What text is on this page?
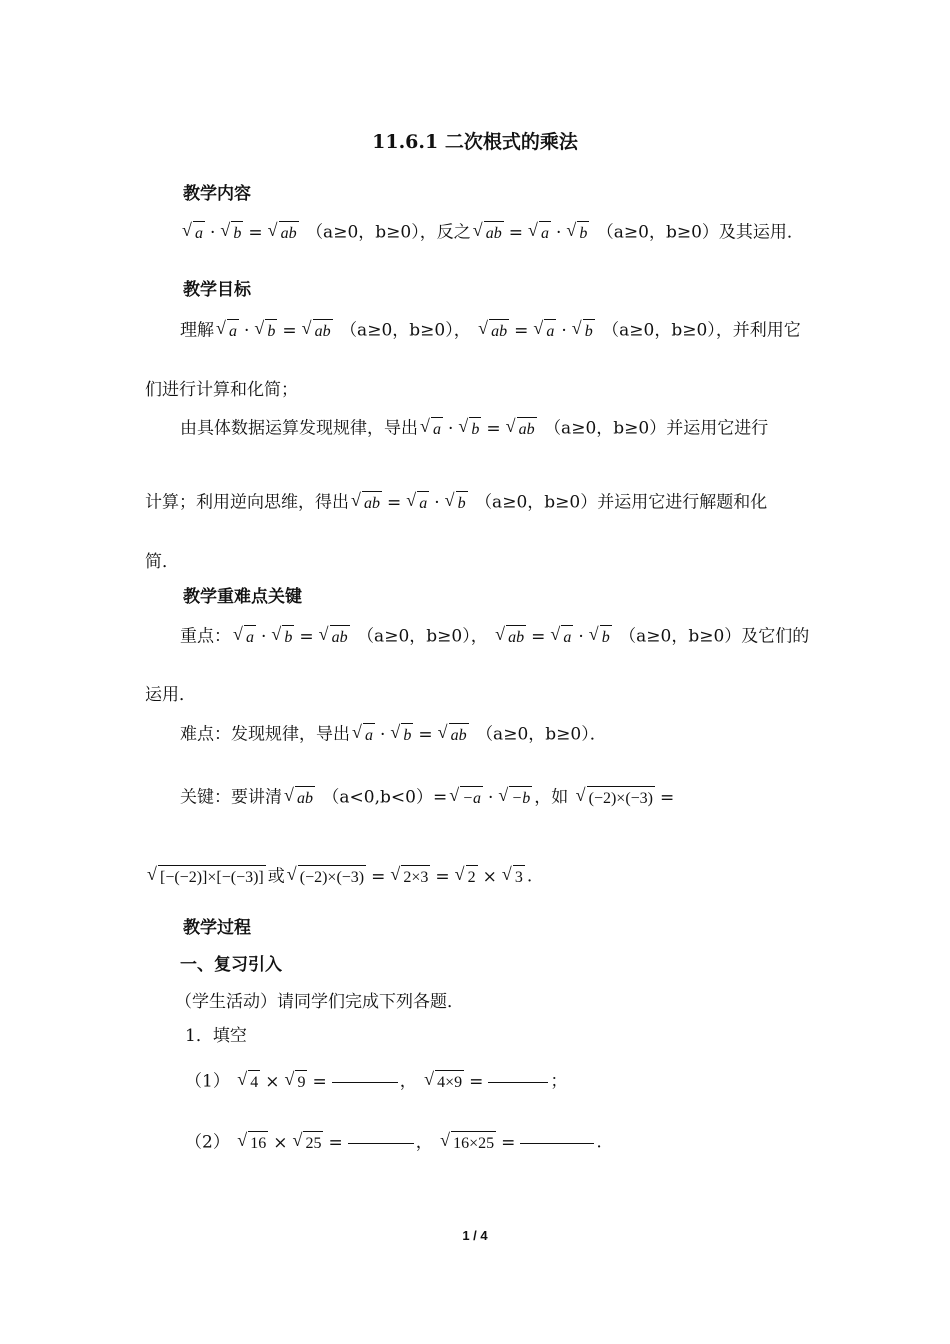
11.6.1 二次根式的乘法
教学内容
√ a · √ b = √ ab （a≥0，b≥0），反之 √ ab = √ a · √ b （a≥0，b≥0）及其运用．
教学目标
理解 √ a · √ b = √ ab （a≥0，b≥0）， √ ab = √ a · √ b （a≥0，b≥0），并利用它
们进行计算和化简；
由具体数据运算发现规律，导出 √ a · √ b = √ ab （a≥0，b≥0）并运用它进行
计算；利用逆向思维，得出 √ ab = √ a · √ b （a≥0，b≥0）并运用它进行解题和化
简．
教学重难点关键
重点： √ a · √ b = √ ab （a≥0，b≥0）， √ ab = √ a · √ b （a≥0，b≥0）及它们的
运用．
难点：发现规律，导出 √ a · √ b = √ ab （a≥0，b≥0）．
关键：要讲清 √ ab （a<0,b<0）= √ −a · √ −b ，如 √ (−2)×(−3) =
√ [−(−2)]×[−(−3)] 或 √ (−2)×(−3) = √ 2×3 = √ 2 × √ 3 .
教学过程
一、复习引入
（学生活动）请同学们完成下列各题．
1．填空
（1） √ 4 × √ 9 =	， √ 4×9 =	；
（2） √ 16 × √ 25 =	， √ 16×25 =	.
1 / 4
